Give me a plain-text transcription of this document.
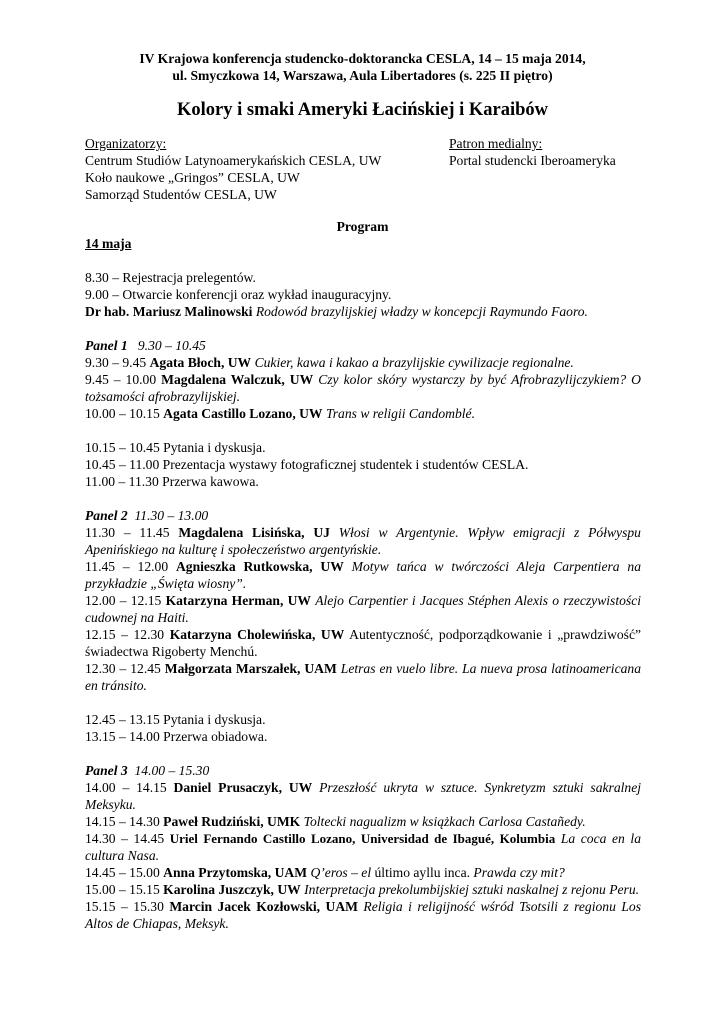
IV Krajowa konferencja studencko-doktorancka CESLA, 14 – 15 maja 2014,
ul. Smyczkowa 14, Warszawa, Aula Libertadores (s. 225 II piętro)
Kolory i smaki Ameryki Łacińskiej i Karaibów
Organizatorzy:
Centrum Studiów Latynoamerykańskich CESLA, UW
Koło naukowe „Gringos” CESLA, UW
Samorząd Studentów CESLA, UW
Patron medialny:
Portal studencki Iberoameryka
Program
14 maja
8.30 – Rejestracja prelegentów.
9.00 – Otwarcie konferencji oraz wykład inauguracyjny.
Dr hab. Mariusz Malinowski Rodowód brazylijskiej władzy w koncepcji Raymundo Faoro.
Panel 1 9.30 – 10.45
9.30 – 9.45 Agata Błoch, UW Cukier, kawa i kakao a brazylijskie cywilizacje regionalne.
9.45 – 10.00 Magdalena Walczuk, UW Czy kolor skóry wystarczy by być Afrobrazylijczykiem? O tożsamości afrobrazylijskiej.
10.00 – 10.15 Agata Castillo Lozano, UW Trans w religii Candomblé.
10.15 – 10.45 Pytania i dyskusja.
10.45 – 11.00 Prezentacja wystawy fotograficznej studentek i studentów CESLA.
11.00 – 11.30 Przerwa kawowa.
Panel 2 11.30 – 13.00
11.30 – 11.45 Magdalena Lisińska, UJ Włosi w Argentynie. Wpływ emigracji z Półwyspu Apenińskiego na kulturę i społeczeństwo argentyńskie.
11.45 – 12.00 Agnieszka Rutkowska, UW Motyw tańca w twórczości Aleja Carpentiera na przykładzie „Święta wiosny”.
12.00 – 12.15 Katarzyna Herman, UW Alejo Carpentier i Jacques Stéphen Alexis o rzeczywistości cudownej na Haiti.
12.15 – 12.30 Katarzyna Cholewińska, UW Autentyczność, podporządkowanie i „prawdziwość” świadectwa Rigoberty Menchú.
12.30 – 12.45 Małgorzata Marszałek, UAM Letras en vuelo libre. La nueva prosa latinoamericana en tránsito.
12.45 – 13.15 Pytania i dyskusja.
13.15 – 14.00 Przerwa obiadowa.
Panel 3 14.00 – 15.30
14.00 – 14.15 Daniel Prusaczyk, UW Przeszłość ukryta w sztuce. Synkretyzm sztuki sakralnej Meksyku.
14.15 – 14.30 Paweł Rudziński, UMK Toltecki nagualizm w książkach Carlosa Castañedy.
14.30 – 14.45 Uriel Fernando Castillo Lozano, Universidad de Ibagué, Kolumbia La coca en la cultura Nasa.
14.45 – 15.00 Anna Przytomska, UAM Q’eros – el último ayllu inca. Prawda czy mit?
15.00 – 15.15 Karolina Juszczyk, UW Interpretacja prekolumbijskiej sztuki naskalnej z rejonu Peru.
15.15 – 15.30 Marcin Jacek Kozłowski, UAM Religia i religijność wśród Tsotsili z regionu Los Altos de Chiapas, Meksyk.
